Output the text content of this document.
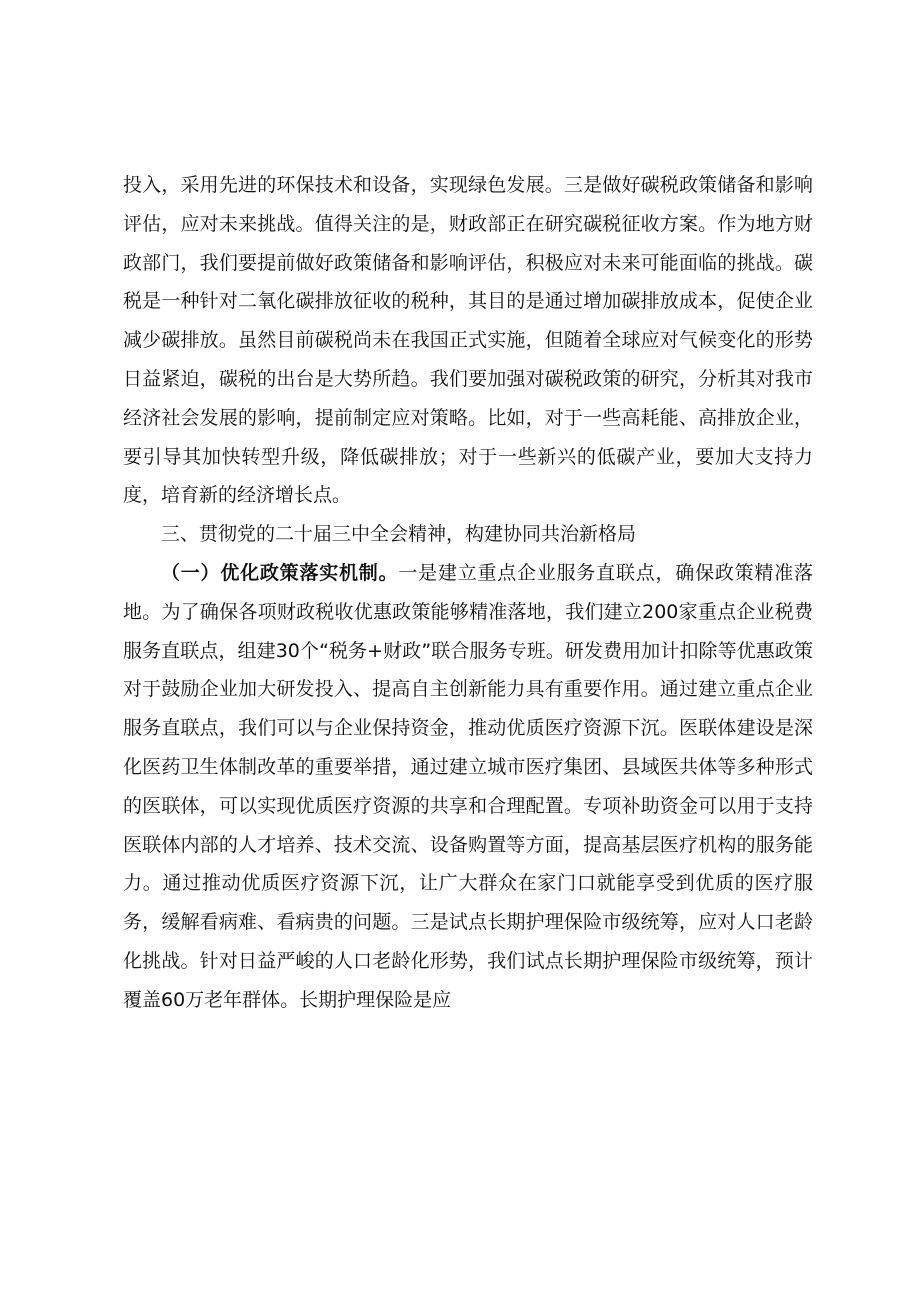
投入，采用先进的环保技术和设备，实现绿色发展。三是做好碳税政策储备和影响评估，应对未来挑战。值得关注的是，财政部正在研究碳税征收方案。作为地方财政部门，我们要提前做好政策储备和影响评估，积极应对未来可能面临的挑战。碳税是一种针对二氧化碳排放征收的税种，其目的是通过增加碳排放成本，促使企业减少碳排放。虽然目前碳税尚未在我国正式实施，但随着全球应对气候变化的形势日益紧迫，碳税的出台是大势所趋。我们要加强对碳税政策的研究，分析其对我市经济社会发展的影响，提前制定应对策略。比如，对于一些高耗能、高排放企业，要引导其加快转型升级，降低碳排放；对于一些新兴的低碳产业，要加大支持力度，培育新的经济增长点。

三、贯彻党的二十届三中全会精神，构建协同共治新格局

（一）优化政策落实机制。一是建立重点企业服务直联点，确保政策精准落地。为了确保各项财政税收优惠政策能够精准落地，我们建立200家重点企业税费服务直联点，组建30个“税务+财政”联合服务专班。研发费用加计扣除等优惠政策对于鼓励企业加大研发投入、提高自主创新能力具有重要作用。通过建立重点企业服务直联点，我们可以与企业保持资金，推动优质医疗资源下沉。医联体建设是深化医药卫生体制改革的重要举措，通过建立城市医疗集团、县域医共体等多种形式的医联体，可以实现优质医疗资源的共享和合理配置。专项补助资金可以用于支持医联体内部的人才培养、技术交流、设备购置等方面，提高基层医疗机构的服务能力。通过推动优质医疗资源下沉，让广大群众在家门口就能享受到优质的医疗服务，缓解看病难、看病贵的问题。三是试点长期护理保险市级统筹，应对人口老龄化挑战。针对日益严峻的人口老龄化形势，我们试点长期护理保险市级统筹，预计覆盖60万老年群体。长期护理保险是应
